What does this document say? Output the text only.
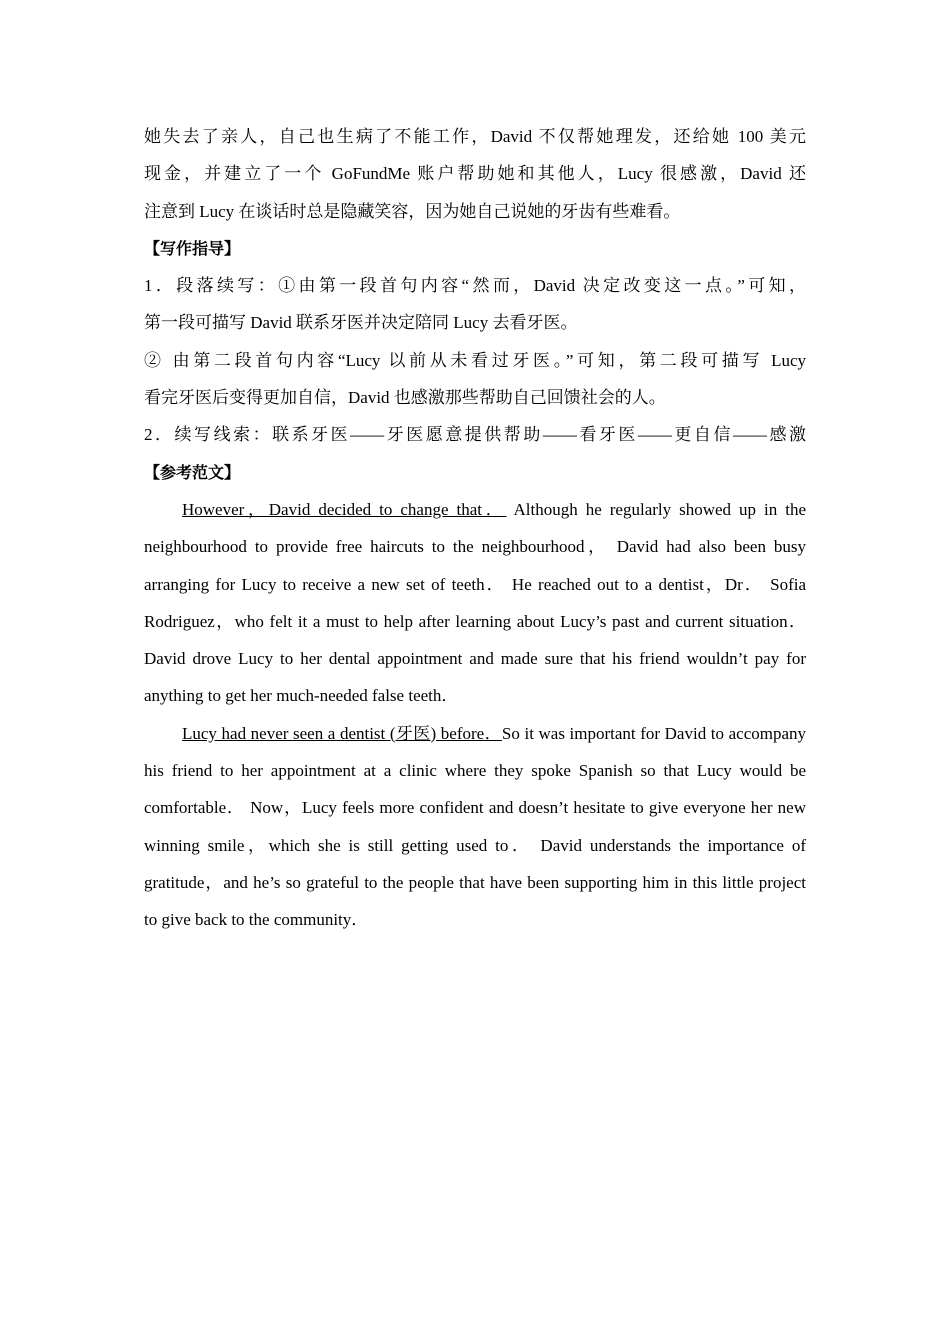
她失去了亲人，自己也生病了不能工作，David 不仅帮她理发，还给她 100 美元
现金，并建立了一个 GoFundMe 账户帮助她和其他人，Lucy 很感激，David 还
注意到 Lucy 在谈话时总是隐藏笑容，因为她自己说她的牙齿有些难看。
【写作指导】
1．段落续写：①由第一段首句内容“然而，David 决定改变这一点。”可知，
第一段可描写 David 联系牙医并决定陪同 Lucy 去看牙医。
② 由第二段首句内容“Lucy 以前从未看过牙医。”可知，第二段可描写 Lucy
看完牙医后变得更加自信，David 也感激那些帮助自己回馈社会的人。
2．续写线索：联系牙医——牙医愿意提供帮助——看牙医——更自信——感激
【参考范文】
However，David decided to change that． Although he regularly showed up in the neighbourhood to provide free haircuts to the neighbourhood， David had also been busy arranging for Lucy to receive a new set of teeth． He reached out to a dentist，Dr． Sofia Rodriguez，who felt it a must to help after learning about Lucy’s past and current situation． David drove Lucy to her dental appointment and made sure that his friend wouldn’t pay for anything to get her much-needed false teeth．
Lucy had never seen a dentist (牙医) before．So it was important for David to accompany his friend to her appointment at a clinic where they spoke Spanish so that Lucy would be comfortable． Now，Lucy feels more confident and doesn’t hesitate to give everyone her new winning smile，which she is still getting used to． David understands the importance of gratitude，and he’s so grateful to the people that have been supporting him in this little project to give back to the community．
